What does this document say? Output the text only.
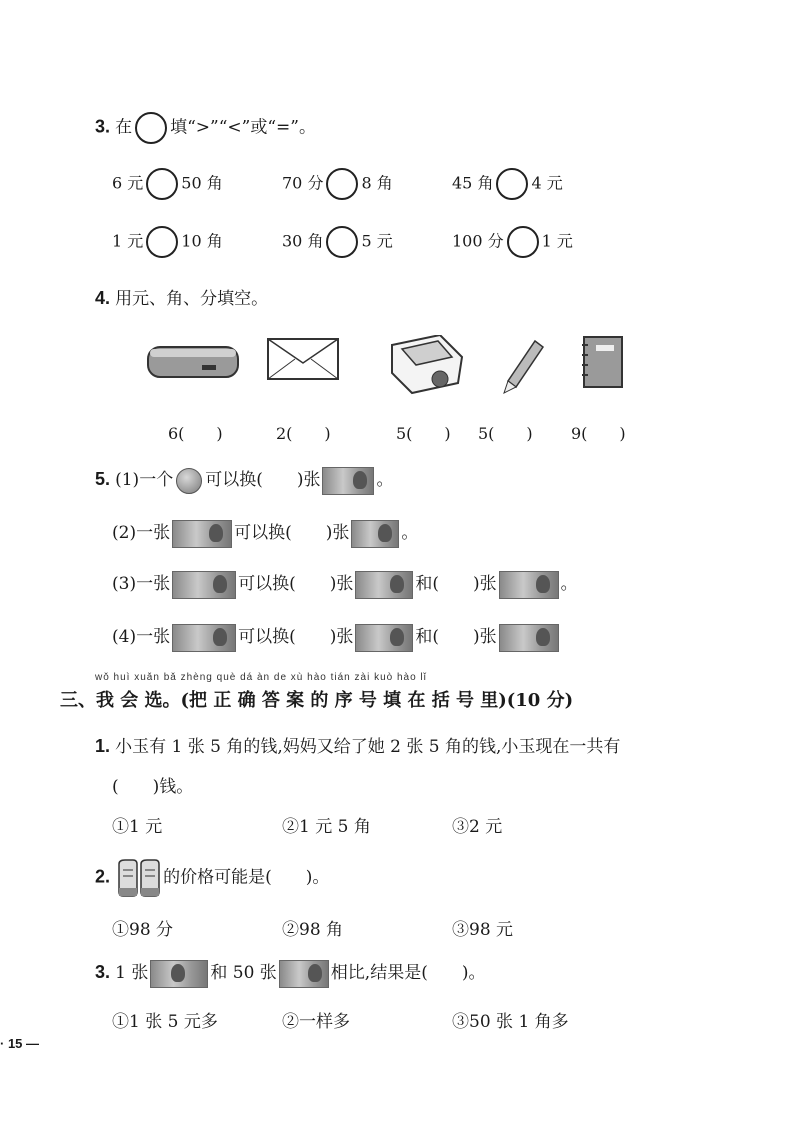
3. 在 填“>”“<”或“=”。
6 元 50 角	70 分 8 角	45 角 4 元
1 元 10 角	30 角 5 元	100 分 1 元
4. 用元、角、分填空。
6(　　)	2(　　)	5(　　) 5(　　) 9(　　)
5. (1)一个 可以换(　　)张	。
(2)一张	可以换(　　)张	。
(3)一张	可以换(　　)张	和(　　)张	。
(4)一张	可以换(　　)张	和(　　)张
wǒ huì xuǎn bǎ zhèng què dá àn de xù hào tián zài kuò hào lǐ
三、我 会 选。(把 正 确 答 案 的 序 号 填 在 括 号 里)(10 分)
1. 小玉有 1 张 5 角的钱,妈妈又给了她 2 张 5 角的钱,小玉现在一共有
(　　)钱。
①1 元	②1 元 5 角	③2 元
2.	的价格可能是(　　)。
①98 分	②98 角	③98 元
3. 1 张	和 50 张	相比,结果是(　　)。
①1 张 5 元多	②一样多	③50 张 1 角多
· 15 —
